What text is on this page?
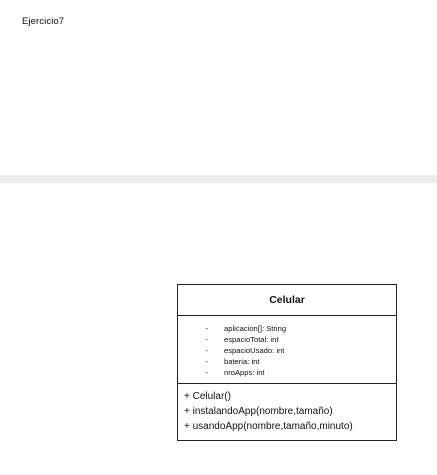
Ejercicio7
Celular
-	aplicacion[]: String
-	espacioTotal: int
-	espacioUsado: int
-	bateria: int
-	nroApps: int
+ Celular()
+ instalandoApp(nombre,tamaño)
+ usandoApp(nombre,tamaño,minuto)
